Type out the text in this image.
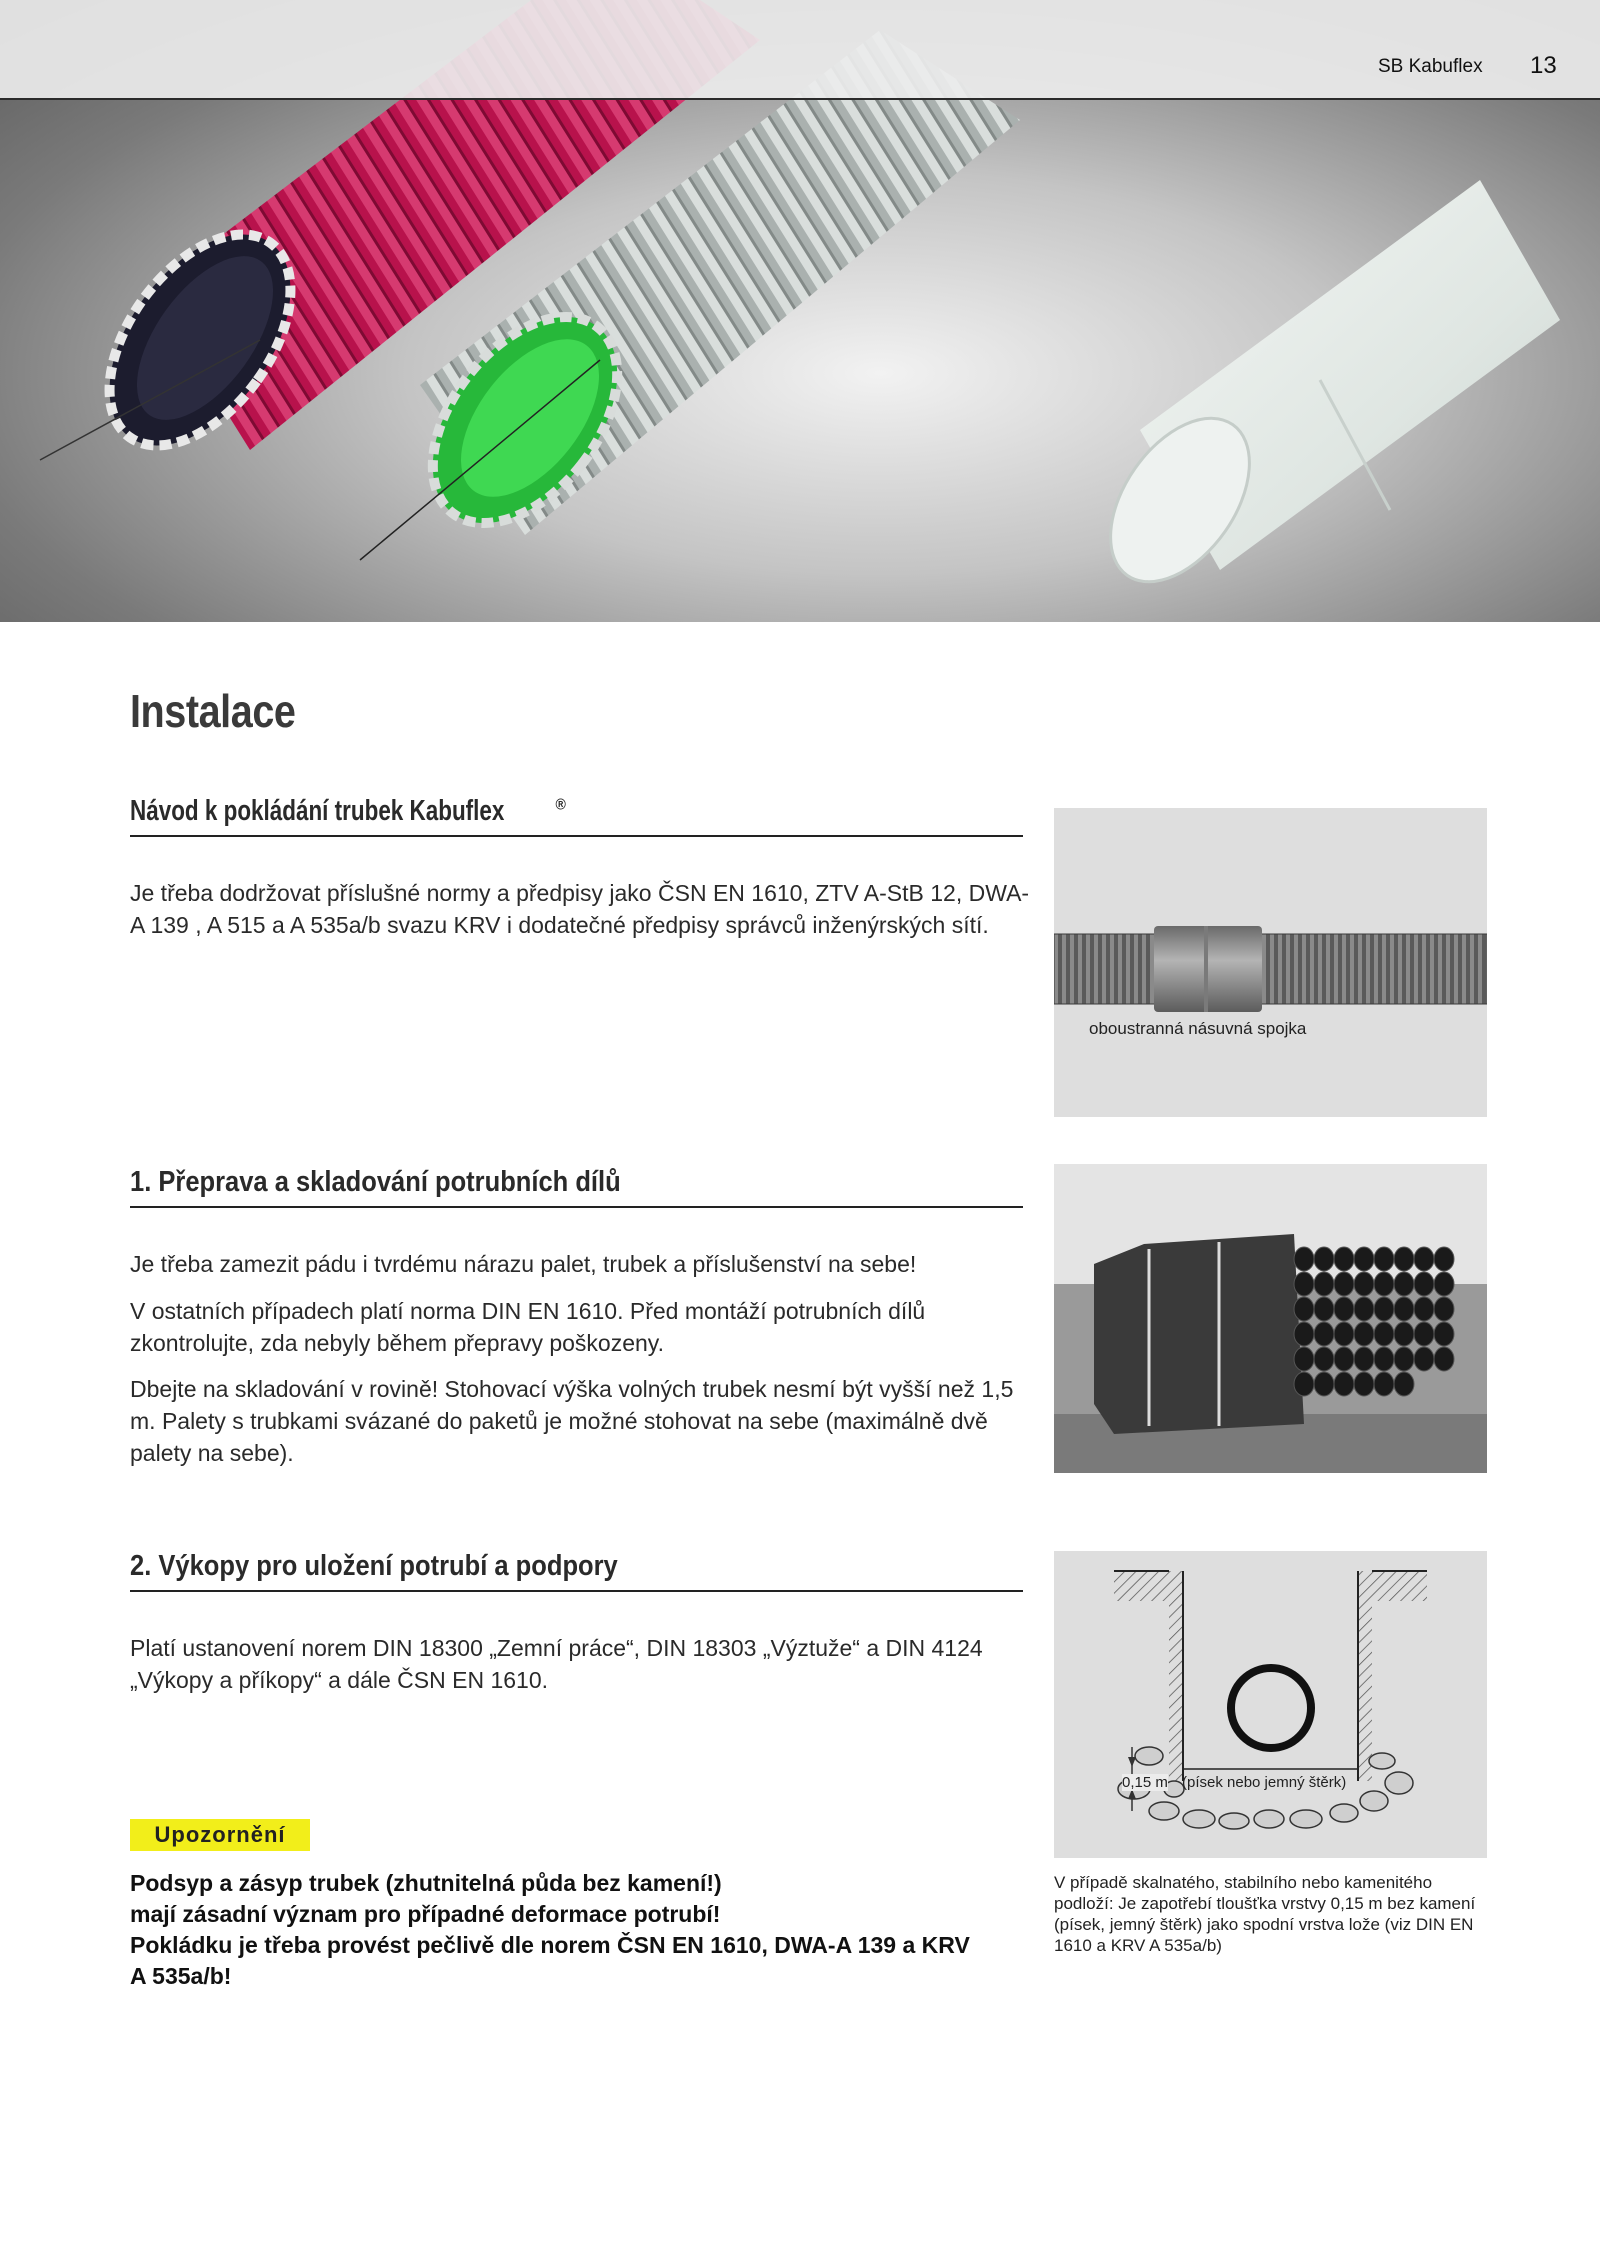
SB Kabuflex 13
Instalace
Návod k pokládání trubek Kabuflex	®

Je třeba dodržovat příslušné normy a předpisy jako ČSN EN 1610, ZTV A-StB 12, DWA-A 139 , A 515 a A 535a/b svazu KRV i dodatečné předpisy správců inženýrských sítí.

oboustranná násuvná spojka
1. Přeprava a skladování potrubních dílů

Je třeba zamezit pádu i tvrdému nárazu palet, trubek a příslušenství na sebe!

V ostatních případech platí norma DIN EN 1610. Před montáží potrubních dílů zkontrolujte, zda nebyly během přepravy poškozeny.

Dbejte na skladování v rovině! Stohovací výška volných trubek nesmí být vyšší než 1,5 m. Palety s trubkami svázané do paketů je možné stohovat na sebe (maximálně dvě palety na sebe).

2. Výkopy pro uložení potrubí a podpory

Platí ustanovení norem DIN 18300 „Zemní práce“, DIN 18303 „Výztuže“ a DIN 4124 „Výkopy a příkopy“ a dále ČSN EN 1610.

0,15 m (písek nebo jemný štěrk)

V případě skalnatého, stabilního nebo kamenitého podloží: Je zapotřebí tloušťka vrstvy 0,15 m bez kamení (písek, jemný štěrk) jako spodní vrstva lože (viz DIN EN 1610 a KRV A 535a/b)

Upozornění
Podsyp a zásyp trubek (zhutnitelná půda bez kamení!)
mají zásadní význam pro případné deformace potrubí!
Pokládku je třeba provést pečlivě dle norem ČSN EN 1610, DWA-A 139 a KRV
A 535a/b!
